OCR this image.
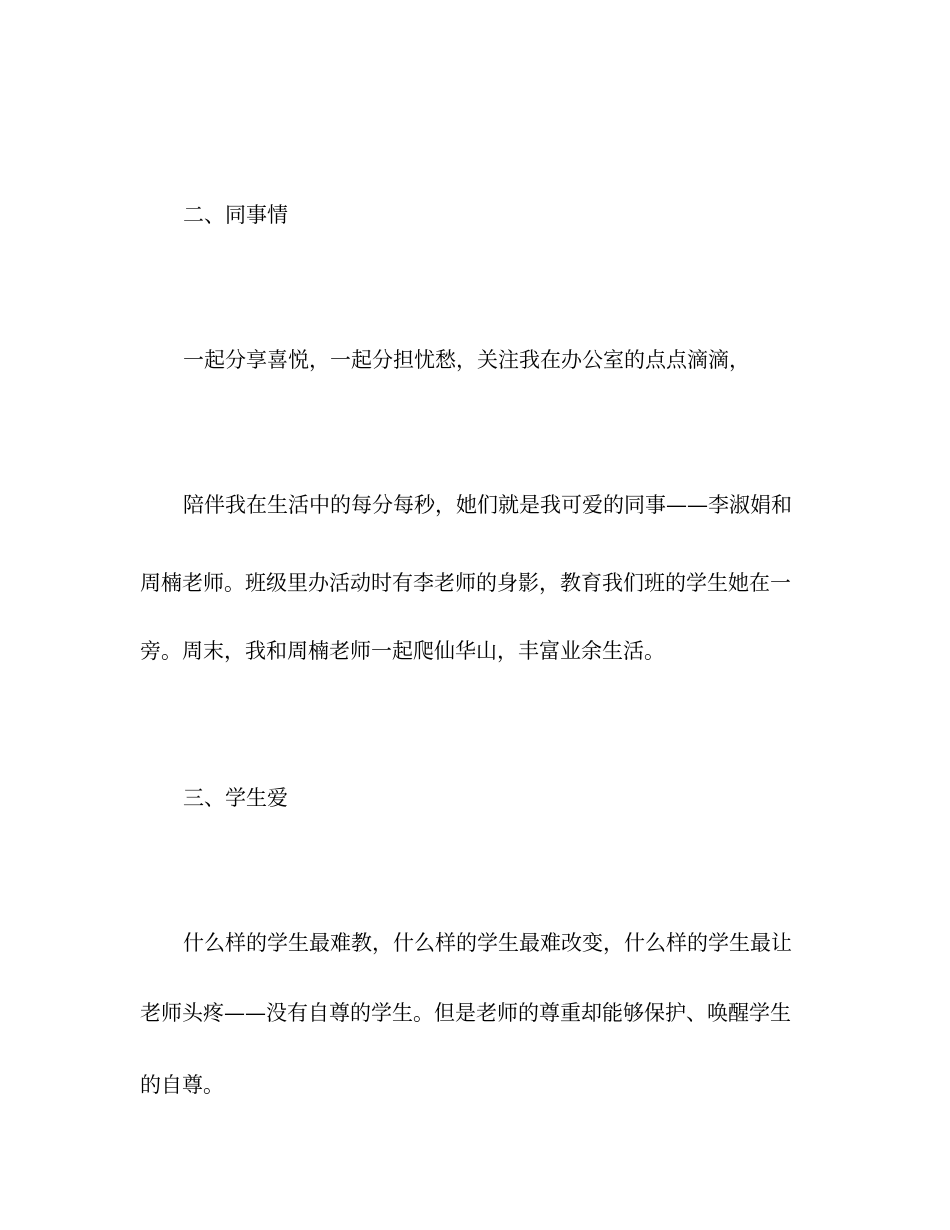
二、同事情
一起分享喜悦，一起分担忧愁，关注我在办公室的点点滴滴，
陪伴我在生活中的每分每秒，她们就是我可爱的同事——李淑娟和
周楠老师。班级里办活动时有李老师的身影，教育我们班的学生她在一
旁。周末，我和周楠老师一起爬仙华山，丰富业余生活。
三、学生爱
什么样的学生最难教，什么样的学生最难改变，什么样的学生最让
老师头疼——没有自尊的学生。但是老师的尊重却能够保护、唤醒学生
的自尊。
